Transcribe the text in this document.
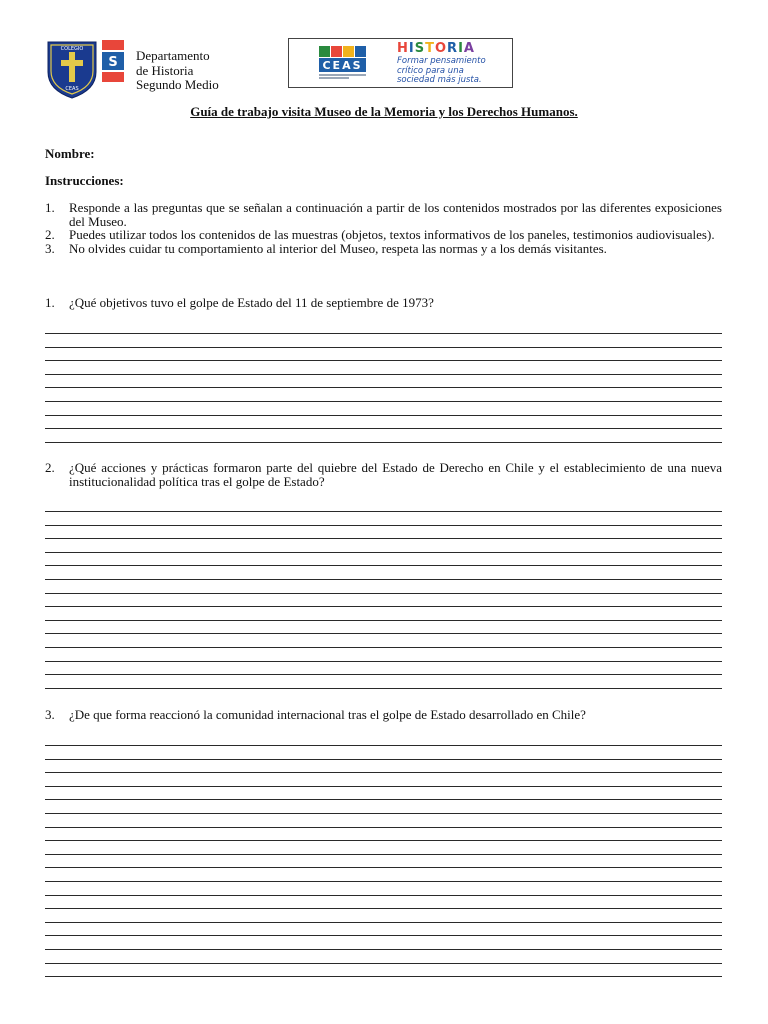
COLEGIO
CEAS
S Departamento
de Historia
Segundo Medio
CEAS
HISTORIA
Formar pensamiento
crítico para una
sociedad más justa.
Guía de trabajo visita Museo de la Memoria y los Derechos Humanos.
Nombre:
Instrucciones:
1.	Responde a las preguntas que se señalan a continuación a partir de los contenidos mostrados por las diferentes exposiciones del Museo.
2.	Puedes utilizar todos los contenidos de las muestras (objetos, textos informativos de los paneles, testimonios audiovisuales).
3.	No olvides cuidar tu comportamiento al interior del Museo, respeta las normas y a los demás visitantes.
1.	¿Qué objetivos tuvo el golpe de Estado del 11 de septiembre de 1973?
2.	¿Qué acciones y prácticas formaron parte del quiebre del Estado de Derecho en Chile y el establecimiento de una nueva institucionalidad política tras el golpe de Estado?
3.	¿De que forma reaccionó la comunidad internacional tras el golpe de Estado desarrollado en Chile?
